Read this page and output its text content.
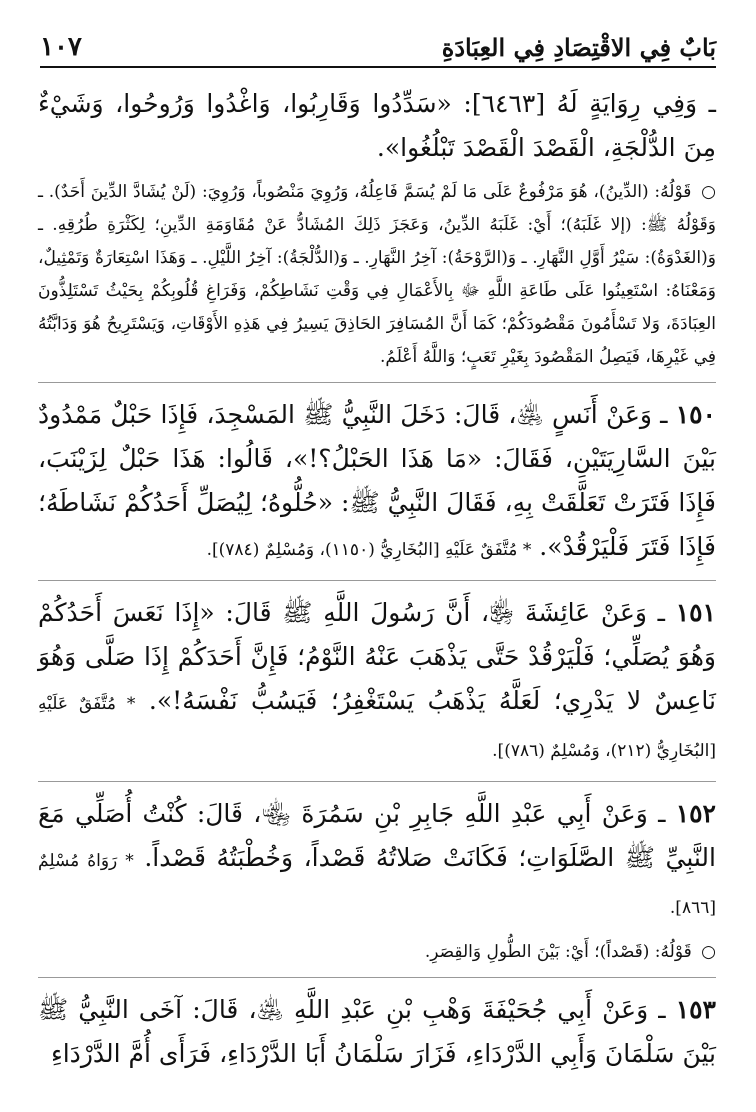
بَابٌ فِي الاقْتِصَادِ فِي العِبَادَةِ
١٠٧

ـ وَفِي رِوَايَةٍ لَهُ [٦٤٦٣]: «سَدِّدُوا وَقَارِبُوا، وَاغْدُوا وَرُوحُوا، وَشَيْءٌ مِنَ الدُّلْجَةِ، الْقَصْدَ الْقَصْدَ تَبْلُغُوا».

○ قَوْلُهُ: (الدِّينُ)، هُوَ مَرْفُوعٌ عَلَى مَا لَمْ يُسَمَّ فَاعِلُهُ، وَرُوِيَ مَنْصُوباً، وَرُوِيَ: (لَنْ يُشَادَّ الدِّينَ أَحَدٌ). ـ وَقَوْلُهُ ﷺ: (إلا غَلَبَهُ)؛ أَيْ: غَلَبَهُ الدِّينُ، وَعَجَزَ ذَلِكَ المُشَادُّ عَنْ مُقَاوَمَةِ الدِّينِ؛ لِكَثْرَةِ طُرُقِهِ. ـ وَ(الغَدْوَةُ): سَيْرُ أَوَّلِ النَّهَارِ. ـ وَ(الرَّوْحَةُ): آخِرُ النَّهَارِ. ـ وَ(الدُّلْجَةُ): آخِرُ اللَّيْلِ. ـ وَهَذَا اسْتِعَارَةٌ وَتَمْثِيلٌ، وَمَعْنَاهُ: اسْتَعِينُوا عَلَى طَاعَةِ اللَّهِ ﷻ بِالأَعْمَالِ فِي وَقْتِ نَشَاطِكُمْ، وَفَرَاغِ قُلُوبِكُمْ بِحَيْثُ تَسْتَلِذُّونَ العِبَادَةَ، وَلا تَسْأَمُونَ مَقْصُودَكُمْ؛ كَمَا أَنَّ المُسَافِرَ الحَاذِقَ يَسِيرُ فِي هَذِهِ الأَوْقَاتِ، وَيَسْتَرِيحُ هُوَ وَدَابَّتُهُ فِي غَيْرِهَا، فَيَصِلُ المَقْصُودَ بِغَيْرِ تَعَبٍ؛ وَاللَّهُ أَعْلَمُ.

١٥٠ ـ وَعَنْ أَنَسٍ ﵁، قَالَ: دَخَلَ النَّبِيُّ ﷺ المَسْجِدَ، فَإِذَا حَبْلٌ مَمْدُودٌ بَيْنَ السَّارِيَتَيْنِ، فَقَالَ: «مَا هَذَا الحَبْلُ؟!»، قَالُوا: هَذَا حَبْلٌ لِزَيْنَبَ، فَإِذَا فَتَرَتْ تَعَلَّقَتْ بِهِ، فَقَالَ النَّبِيُّ ﷺ: «حُلُّوهُ؛ لِيُصَلِّ أَحَدُكُمْ نَشَاطَهُ؛ فَإِذَا فَتَرَ فَلْيَرْقُدْ». * مُتَّفَقٌ عَلَيْهِ [البُخَارِيُّ (١١٥٠)، وَمُسْلِمٌ (٧٨٤)].

١٥١ ـ وَعَنْ عَائِشَةَ ﵂، أَنَّ رَسُولَ اللَّهِ ﷺ قَالَ: «إِذَا نَعَسَ أَحَدُكُمْ وَهُوَ يُصَلِّي؛ فَلْيَرْقُدْ حَتَّى يَذْهَبَ عَنْهُ النَّوْمُ؛ فَإِنَّ أَحَدَكُمْ إِذَا صَلَّى وَهُوَ نَاعِسٌ لا يَدْرِي؛ لَعَلَّهُ يَذْهَبُ يَسْتَغْفِرُ؛ فَيَسُبُّ نَفْسَهُ!». * مُتَّفَقٌ عَلَيْهِ [البُخَارِيُّ (٢١٢)، وَمُسْلِمٌ (٧٨٦)].

١٥٢ ـ وَعَنْ أَبِي عَبْدِ اللَّهِ جَابِرِ بْنِ سَمُرَةَ ﵄، قَالَ: كُنْتُ أُصَلِّي مَعَ النَّبِيِّ ﷺ الصَّلَوَاتِ؛ فَكَانَتْ صَلاتُهُ قَصْداً، وَخُطْبَتُهُ قَصْداً. * رَوَاهُ مُسْلِمٌ [٨٦٦].

○ قَوْلُهُ: (قَصْداً)؛ أَيْ: بَيْنَ الطُّولِ وَالقِصَرِ.

١٥٣ ـ وَعَنْ أَبِي جُحَيْفَةَ وَهْبِ بْنِ عَبْدِ اللَّهِ ﵁، قَالَ: آخَى النَّبِيُّ ﷺ بَيْنَ سَلْمَانَ وَأَبِي الدَّرْدَاءِ، فَزَارَ سَلْمَانُ أَبَا الدَّرْدَاءِ، فَرَأَى أُمَّ الدَّرْدَاءِ
